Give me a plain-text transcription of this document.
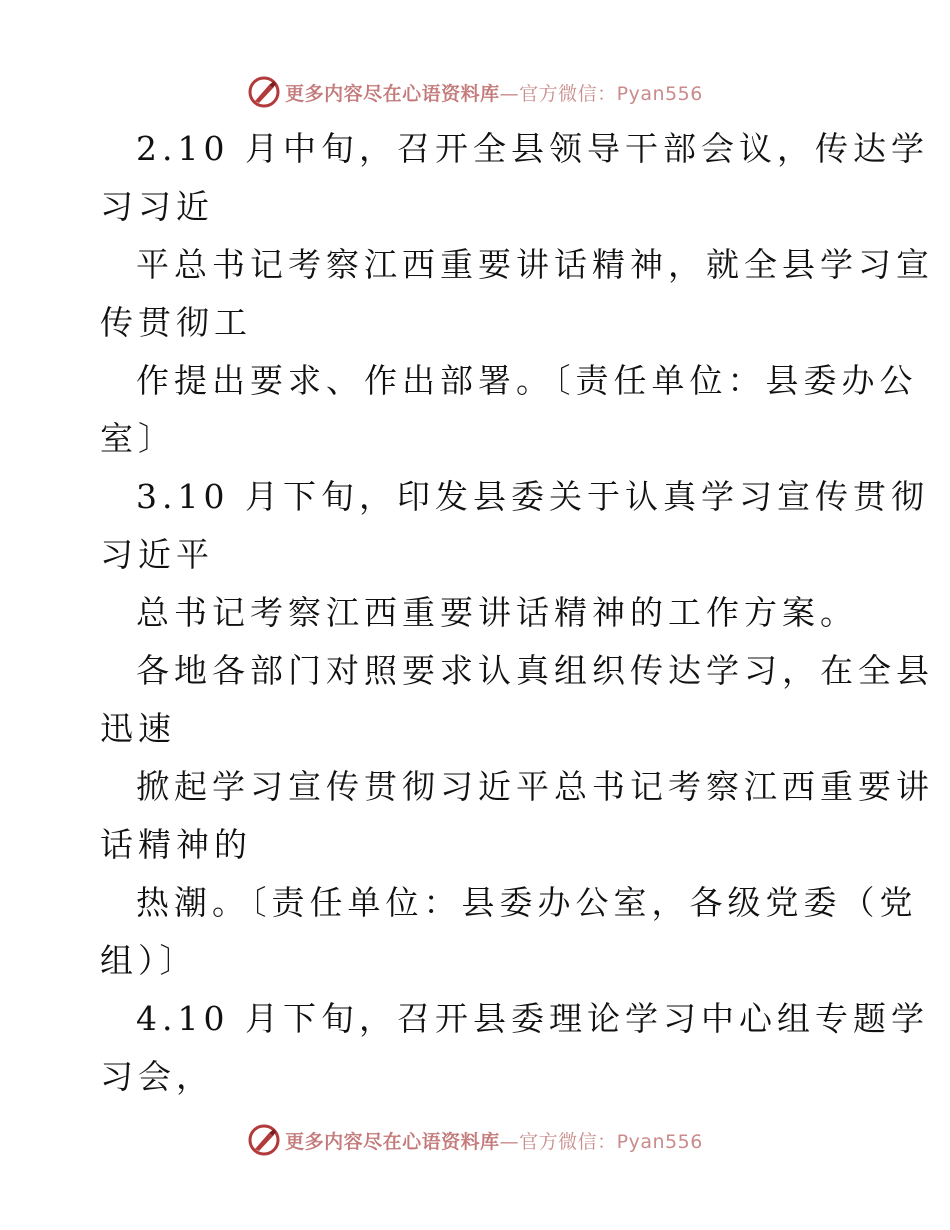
更多内容尽在心语资料库—官方微信：Pyan556
2.10 月中旬，召开全县领导干部会议，传达学
习习近
平总书记考察江西重要讲话精神，就全县学习宣
传贯彻工
作提出要求、作出部署。〔责任单位：县委办公
室〕
3.10 月下旬，印发县委关于认真学习宣传贯彻
习近平
总书记考察江西重要讲话精神的工作方案。
各地各部门对照要求认真组织传达学习，在全县
迅速
掀起学习宣传贯彻习近平总书记考察江西重要讲
话精神的
热潮。〔责任单位：县委办公室，各级党委（党
组）〕
4.10 月下旬，召开县委理论学习中心组专题学
习会，
更多内容尽在心语资料库—官方微信：Pyan556
